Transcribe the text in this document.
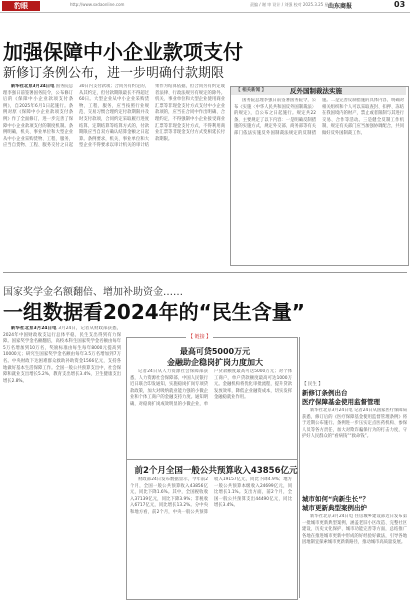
豹眼	http://www.sxdaonline.com	责编 / 谢 审 设计 / 刘强 校对 2025.3.25 星期二
山东商报	03
加强保障中小企业款项支付
新修订条例公布，进一步明确付款期限
新华社北京3月24日电 国务院总理李强日前签署国务院令，公布修订后的《保障中小企业款项支付条例》，自2025年6月1日起施行。条例对原《保障中小企业款项支付条例》作了全面修订，进一步完善了保障中小企业款项支付的制度机制。条例明确，机关、事业单位和大型企业从中小企业采购货物、工程、服务，应当自货物、工程、服务交付之日起30日内支付款项；合同另有约定的，从其约定，但付款期限最长不得超过60日。大型企业从中小企业采购货物、工程、服务，应当按照行业规范、交易习惯合理约定付款期限并及时支付款项，合同约定采取履行进度结算、定期结算等结算方式的，付款期限应当自双方确认结算金额之日起算。条例要求，机关、事业单位和大型企业不得要求以审计机关的审计结果作为结算依据，但合同另有约定或者法律、行政法规另有规定的除外。机关、事业单位和大型企业使用商业汇票等非现金支付方式支付中小企业款项的，应当在合同中作出明确、合理约定，不得强制中小企业接受商业汇票等非现金支付方式，不得利用商业汇票等非现金支付方式变相延长付款期限。
【 相关新闻 】	反外国制裁法实施
国务院总理李强日前签署国务院令，公布《实施〈中华人民共和国反外国制裁法〉的规定》，自公布之日起施行。规定共22条，主要规定了以下内容：一是明确反制措施的实施方式，规定外交部、商务部等有关部门依法实施反外国制裁法规定的反制措施。二是完善反制措施的具体内容，明确对相关组织和个人可以采取查封、扣押、冻结在我国境内的财产，禁止或者限制与其进行交易、合作等活动。三是健全反制工作机制，规定有关部门应当加强协调配合，共同做好反外国制裁工作。
国家奖学金名额翻倍、增加补助资金……
一组数据看2024年的“民生含量”
新华社北京3月24日电 3月24日，记者从财政部获悉，2024年中国财政收支运行总体平稳，民生支出得到有力保障。国家奖学金名额翻倍，高校本科生国家奖学金名额由每年5万名增加到10万名，奖励标准由每生每年8000元提高到10000元；研究生国家奖学金名额由每年3.5万名增加到7万名。中央财政下达困难群众救助补助资金1566亿元，支持各地做好基本生活保障工作。全国一般公共预算支出中，社会保障和就业支出增长5.2%，教育支出增长3.4%，卫生健康支出增长2.8%。
【 链接 】
最高可贷5000万元
金融助企稳岗扩岗力度加大
记者24日从人力资源社会保障部获悉，人力资源社会保障部、中国人民银行近日联合印发通知，实施稳岗扩岗专项贷款政策，加大对吸纳就业能力强的小微企业和个体工商户的金融支持力度。通知明确，对稳岗扩岗成效明显的小微企业，单户贷款额度最高可达5000万元；对个体工商户，单户贷款额度最高可达1000万元。金融机构将优化审批流程，提升贷款发放效率，降低企业融资成本，切实发挥金融稳就业作用。
前2个月全国一般公共预算收入43856亿元
财政部24日发布数据显示，今年前2个月，全国一般公共预算收入43856亿元，同比下降1.6%。其中，全国税收收入37139亿元，同比下降3.9%；非税收入6717亿元，同比增长13.2%。分中央和地方看，前2个月，中央一般公共预算收入19157亿元，同比下降4.9%；地方一般公共预算本级收入24699亿元，同比增长1.1%。支出方面，前2个月，全国一般公共预算支出44490亿元，同比增长3.4%。
【 民生 】
新修订条例出台
医疗保障基金使用监督管理
新华社北京3月24日电 记者24日从国家医疗保障局获悉，修订后的《医疗保障基金使用监督管理条例》将于近期公布施行。条例进一步压实定点医药机构、参保人员等各方责任，加大对欺诈骗保行为的打击力度，守护好人民群众的“看病钱”“救命钱”。
城市如何“向新生长”？
城市更新典型案例出炉
新华社北京3月24日电 住房城乡建设部近日发布第一批城市更新典型案例，涵盖老旧小区改造、完整社区建设、历史文化保护、城市功能完善等方面，总结推广各地在推进城市更新中形成的好经验好做法，引导各地因地制宜探索城市更新新路径，推动城市高质量发展。
